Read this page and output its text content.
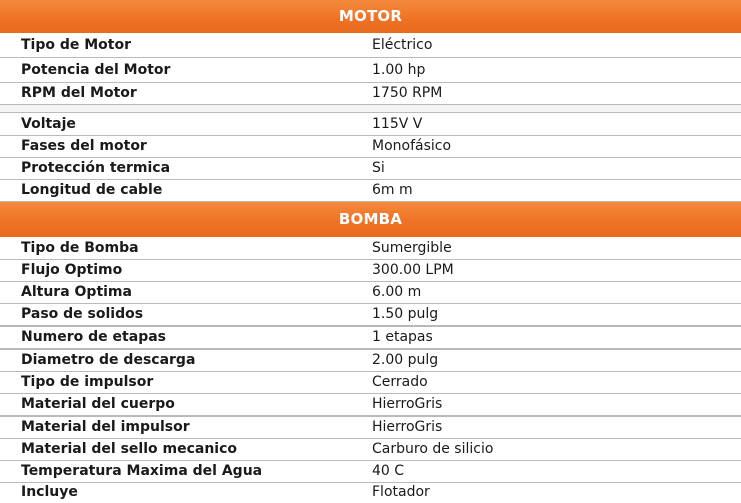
MOTOR
Tipo de Motor	Eléctrico
Potencia del Motor	1.00 hp
RPM del Motor	1750 RPM
Voltaje	115V V
Fases del motor	Monofásico
Protección termica	Si
Longitud de cable	6m m
BOMBA
Tipo de Bomba	Sumergible
Flujo Optimo	300.00 LPM
Altura Optima	6.00 m
Paso de solidos	1.50 pulg
Numero de etapas	1 etapas
Diametro de descarga	2.00 pulg
Tipo de impulsor	Cerrado
Material del cuerpo	HierroGris
Material del impulsor	HierroGris
Material del sello mecanico	Carburo de silicio
Temperatura Maxima del Agua	40 C
Incluye	Flotador
